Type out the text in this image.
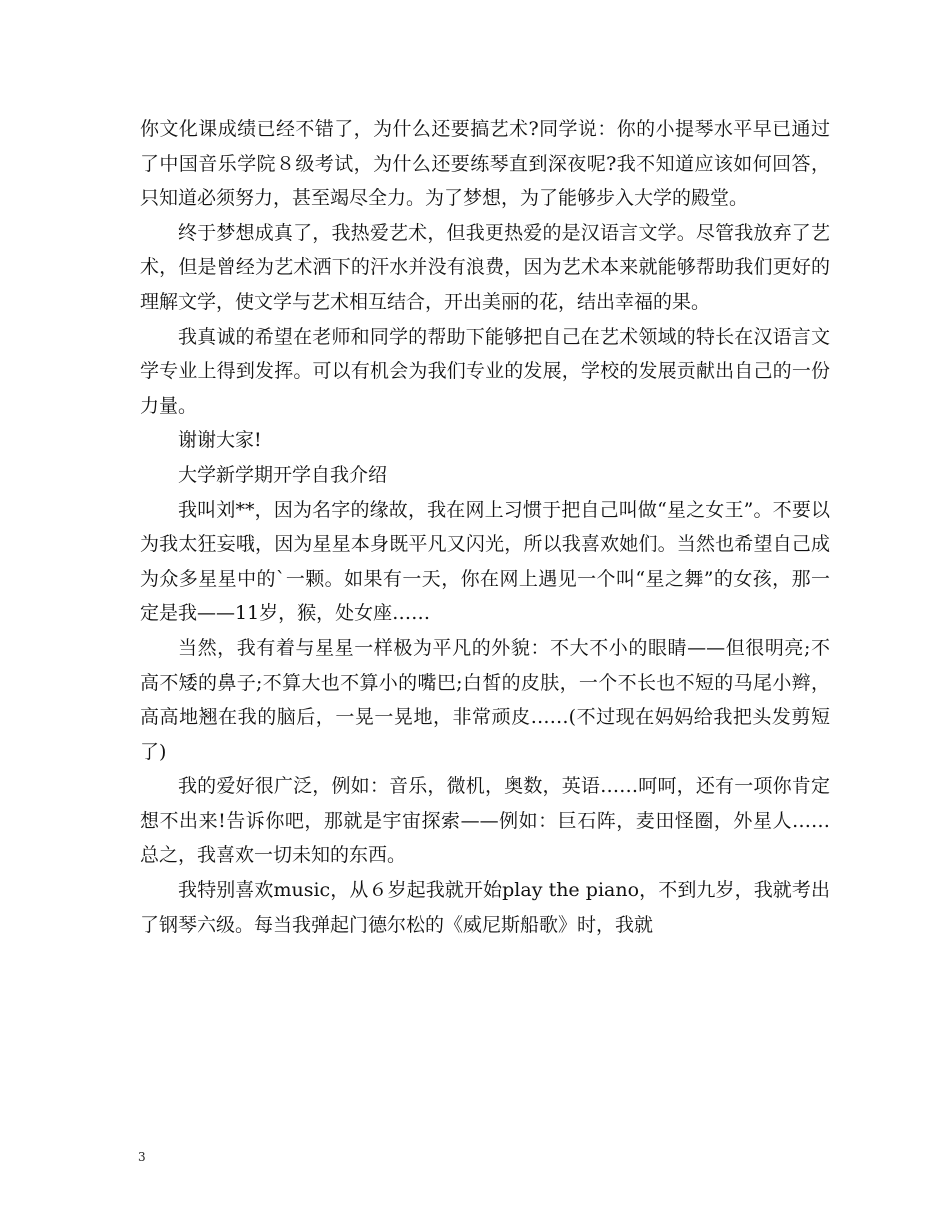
你文化课成绩已经不错了，为什么还要搞艺术?同学说：你的小提琴水平早已通过了中国音乐学院８级考试，为什么还要练琴直到深夜呢?我不知道应该如何回答，只知道必须努力，甚至竭尽全力。为了梦想，为了能够步入大学的殿堂。

终于梦想成真了，我热爱艺术，但我更热爱的是汉语言文学。尽管我放弃了艺术，但是曾经为艺术洒下的汗水并没有浪费，因为艺术本来就能够帮助我们更好的理解文学，使文学与艺术相互结合，开出美丽的花，结出幸福的果。

我真诚的希望在老师和同学的帮助下能够把自己在艺术领域的特长在汉语言文学专业上得到发挥。可以有机会为我们专业的发展，学校的发展贡献出自己的一份力量。

谢谢大家!

大学新学期开学自我介绍

我叫刘**，因为名字的缘故，我在网上习惯于把自己叫做“星之女王”。不要以为我太狂妄哦，因为星星本身既平凡又闪光，所以我喜欢她们。当然也希望自己成为众多星星中的`一颗。如果有一天，你在网上遇见一个叫“星之舞”的女孩，那一定是我——11岁，猴，处女座……

当然，我有着与星星一样极为平凡的外貌：不大不小的眼睛——但很明亮;不高不矮的鼻子;不算大也不算小的嘴巴;白皙的皮肤，一个不长也不短的马尾小辫，高高地翘在我的脑后，一晃一晃地，非常顽皮……(不过现在妈妈给我把头发剪短了)

我的爱好很广泛，例如：音乐，微机，奥数，英语……呵呵，还有一项你肯定想不出来!告诉你吧，那就是宇宙探索——例如：巨石阵，麦田怪圈，外星人……总之，我喜欢一切未知的东西。

我特别喜欢music，从６岁起我就开始play the piano，不到九岁，我就考出了钢琴六级。每当我弹起门德尔松的《威尼斯船歌》时，我就

3
